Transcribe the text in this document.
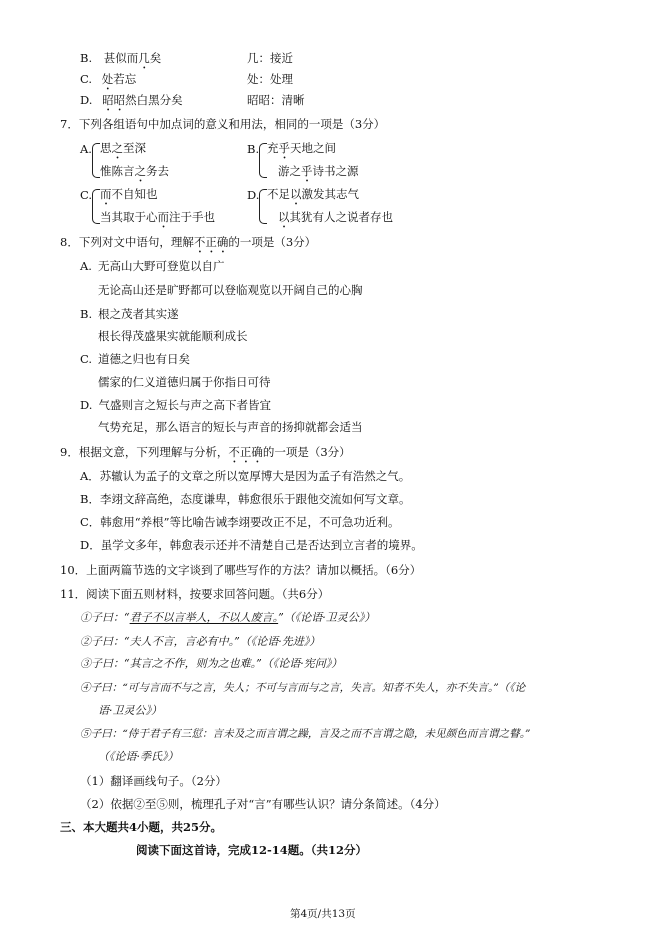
B. 甚似而几矣	几：接近
C. 处若忘	处：处理
D. 昭昭然白黑分矣	昭昭：清晰
7．下列各组语句中加点词的意义和用法，相同的一项是（3分）
A. 思之至深
惟陈言之务去
B. 充乎天地之间
游之乎诗书之源
C. 而不自知也
当其取于心而注于手也
D. 不足以激发其志气
以其犹有人之说者存也
8．下列对文中语句，理解不正确的一项是（3分）
A. 无高山大野可登览以自广
无论高山还是旷野都可以登临观览以开阔自己的心胸
B. 根之茂者其实遂
根长得茂盛果实就能顺利成长
C. 道德之归也有日矣
儒家的仁义道德归属于你指日可待
D. 气盛则言之短长与声之高下者皆宜
气势充足，那么语言的短长与声音的扬抑就都会适当
9．根据文意，下列理解与分析，不正确的一项是（3分）
A．苏辙认为孟子的文章之所以宽厚博大是因为孟子有浩然之气。
B．李翊文辞高绝，态度谦卑，韩愈很乐于跟他交流如何写文章。
C．韩愈用“养根”等比喻告诫李翊要改正不足，不可急功近利。
D．虽学文多年，韩愈表示还并不清楚自己是否达到立言者的境界。
10．上面两篇节选的文字谈到了哪些写作的方法？请加以概括。（6分）
11．阅读下面五则材料，按要求回答问题。（共6分）
①子曰：“君子不以言举人，不以人废言。”（《论语·卫灵公》）
②子曰：“夫人不言，言必有中。”（《论语·先进》）
③子曰：“其言之不作，则为之也难。”（《论语·宪问》）
④子曰：“可与言而不与之言，失人；不可与言而与之言，失言。知者不失人，亦不失言。”（《论
语·卫灵公》）
⑤子曰：“侍于君子有三愆：言未及之而言谓之躁，言及之而不言谓之隐，未见颜色而言谓之瞽。”
（《论语·季氏》）
（1）翻译画线句子。（2分）
（2）依据②至⑤则，梳理孔子对“言”有哪些认识？请分条简述。（4分）
三、本大题共4小题，共25分。
阅读下面这首诗，完成12-14题。（共12分）
第4页/共13页
